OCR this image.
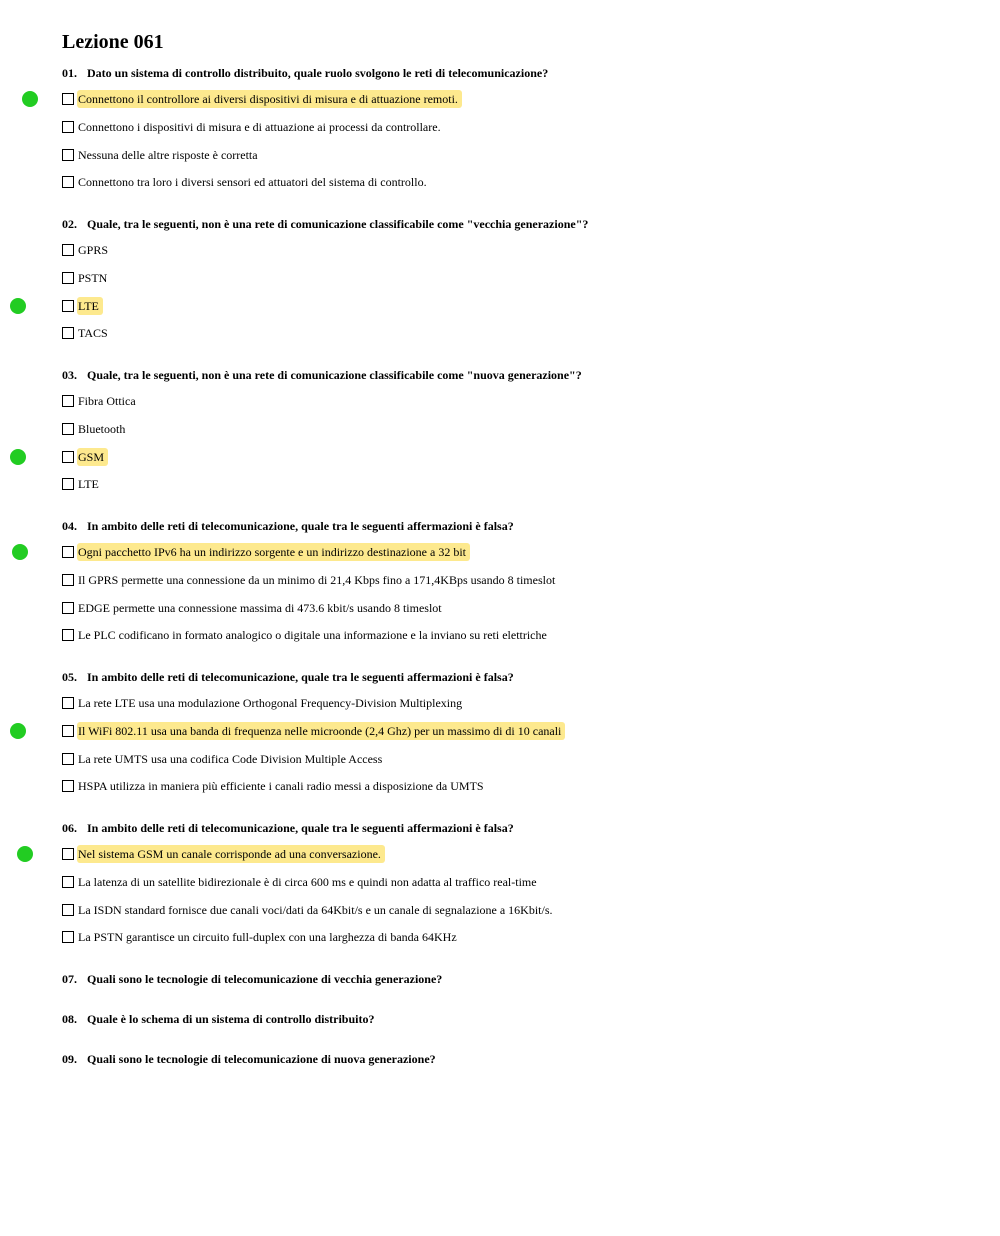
Lezione 061
01. Dato un sistema di controllo distribuito, quale ruolo svolgono le reti di telecomunicazione?
Connettono il controllore ai diversi dispositivi di misura e di attuazione remoti.
Connettono i dispositivi di misura e di attuazione ai processi da controllare.
Nessuna delle altre risposte è corretta
Connettono tra loro i diversi sensori ed attuatori del sistema di controllo.
02. Quale, tra le seguenti, non è una rete di comunicazione classificabile come "vecchia generazione"?
GPRS
PSTN
LTE
TACS
03. Quale, tra le seguenti, non è una rete di comunicazione classificabile come "nuova generazione"?
Fibra Ottica
Bluetooth
GSM
LTE
04. In ambito delle reti di telecomunicazione, quale tra le seguenti affermazioni è falsa?
Ogni pacchetto IPv6 ha un indirizzo sorgente e un indirizzo destinazione a 32 bit
Il GPRS permette una connessione da un minimo di 21,4 Kbps fino a 171,4KBps usando 8 timeslot
EDGE permette una connessione massima di 473.6 kbit/s usando 8 timeslot
Le PLC codificano in formato analogico o digitale una informazione e la inviano su reti elettriche
05. In ambito delle reti di telecomunicazione, quale tra le seguenti affermazioni è falsa?
La rete LTE usa una modulazione Orthogonal Frequency-Division Multiplexing
Il WiFi 802.11 usa una banda di frequenza nelle microonde (2,4 Ghz) per un massimo di di 10 canali
La rete UMTS usa una codifica Code Division Multiple Access
HSPA utilizza in maniera più efficiente i canali radio messi a disposizione da UMTS
06. In ambito delle reti di telecomunicazione, quale tra le seguenti affermazioni è falsa?
Nel sistema GSM un canale corrisponde ad una conversazione.
La latenza di un satellite bidirezionale è di circa 600 ms e quindi non adatta al traffico real-time
La ISDN standard fornisce due canali voci/dati da 64Kbit/s e un canale di segnalazione a 16Kbit/s.
La PSTN garantisce un circuito full-duplex con una larghezza di banda 64KHz
07. Quali sono le tecnologie di telecomunicazione di vecchia generazione?
08. Quale è lo schema di un sistema di controllo distribuito?
09. Quali sono le tecnologie di telecomunicazione di nuova generazione?
